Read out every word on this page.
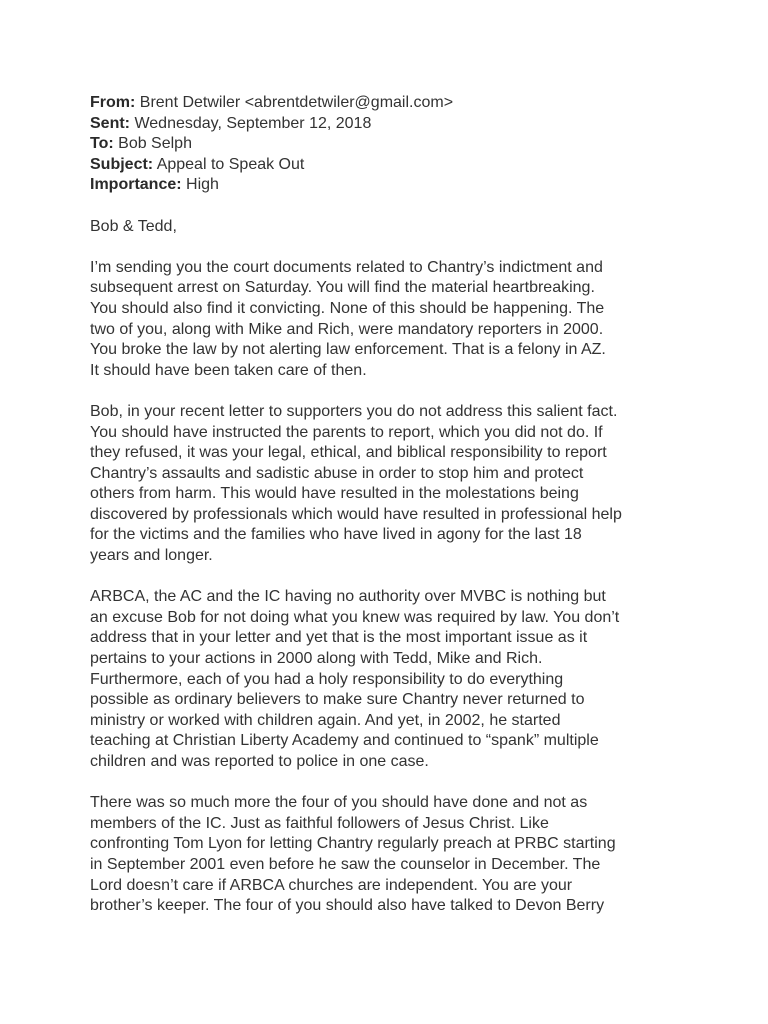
From: Brent Detwiler <abrentdetwiler@gmail.com>

Sent: Wednesday, September 12, 2018

To: Bob Selph

Subject: Appeal to Speak Out

Importance: High

Bob & Tedd,

I’m sending you the court documents related to Chantry’s indictment and
subsequent arrest on Saturday. You will find the material heartbreaking.
You should also find it convicting. None of this should be happening. The
two of you, along with Mike and Rich, were mandatory reporters in 2000.
You broke the law by not alerting law enforcement. That is a felony in AZ.
It should have been taken care of then.

Bob, in your recent letter to supporters you do not address this salient fact.
You should have instructed the parents to report, which you did not do. If
they refused, it was your legal, ethical, and biblical responsibility to report
Chantry’s assaults and sadistic abuse in order to stop him and protect
others from harm. This would have resulted in the molestations being
discovered by professionals which would have resulted in professional help
for the victims and the families who have lived in agony for the last 18
years and longer.

ARBCA, the AC and the IC having no authority over MVBC is nothing but
an excuse Bob for not doing what you knew was required by law. You don’t
address that in your letter and yet that is the most important issue as it
pertains to your actions in 2000 along with Tedd, Mike and Rich.
Furthermore, each of you had a holy responsibility to do everything
possible as ordinary believers to make sure Chantry never returned to
ministry or worked with children again. And yet, in 2002, he started
teaching at Christian Liberty Academy and continued to “spank” multiple
children and was reported to police in one case.

There was so much more the four of you should have done and not as
members of the IC. Just as faithful followers of Jesus Christ. Like
confronting Tom Lyon for letting Chantry regularly preach at PRBC starting
in September 2001 even before he saw the counselor in December. The
Lord doesn’t care if ARBCA churches are independent. You are your
brother’s keeper. The four of you should also have talked to Devon Berry
